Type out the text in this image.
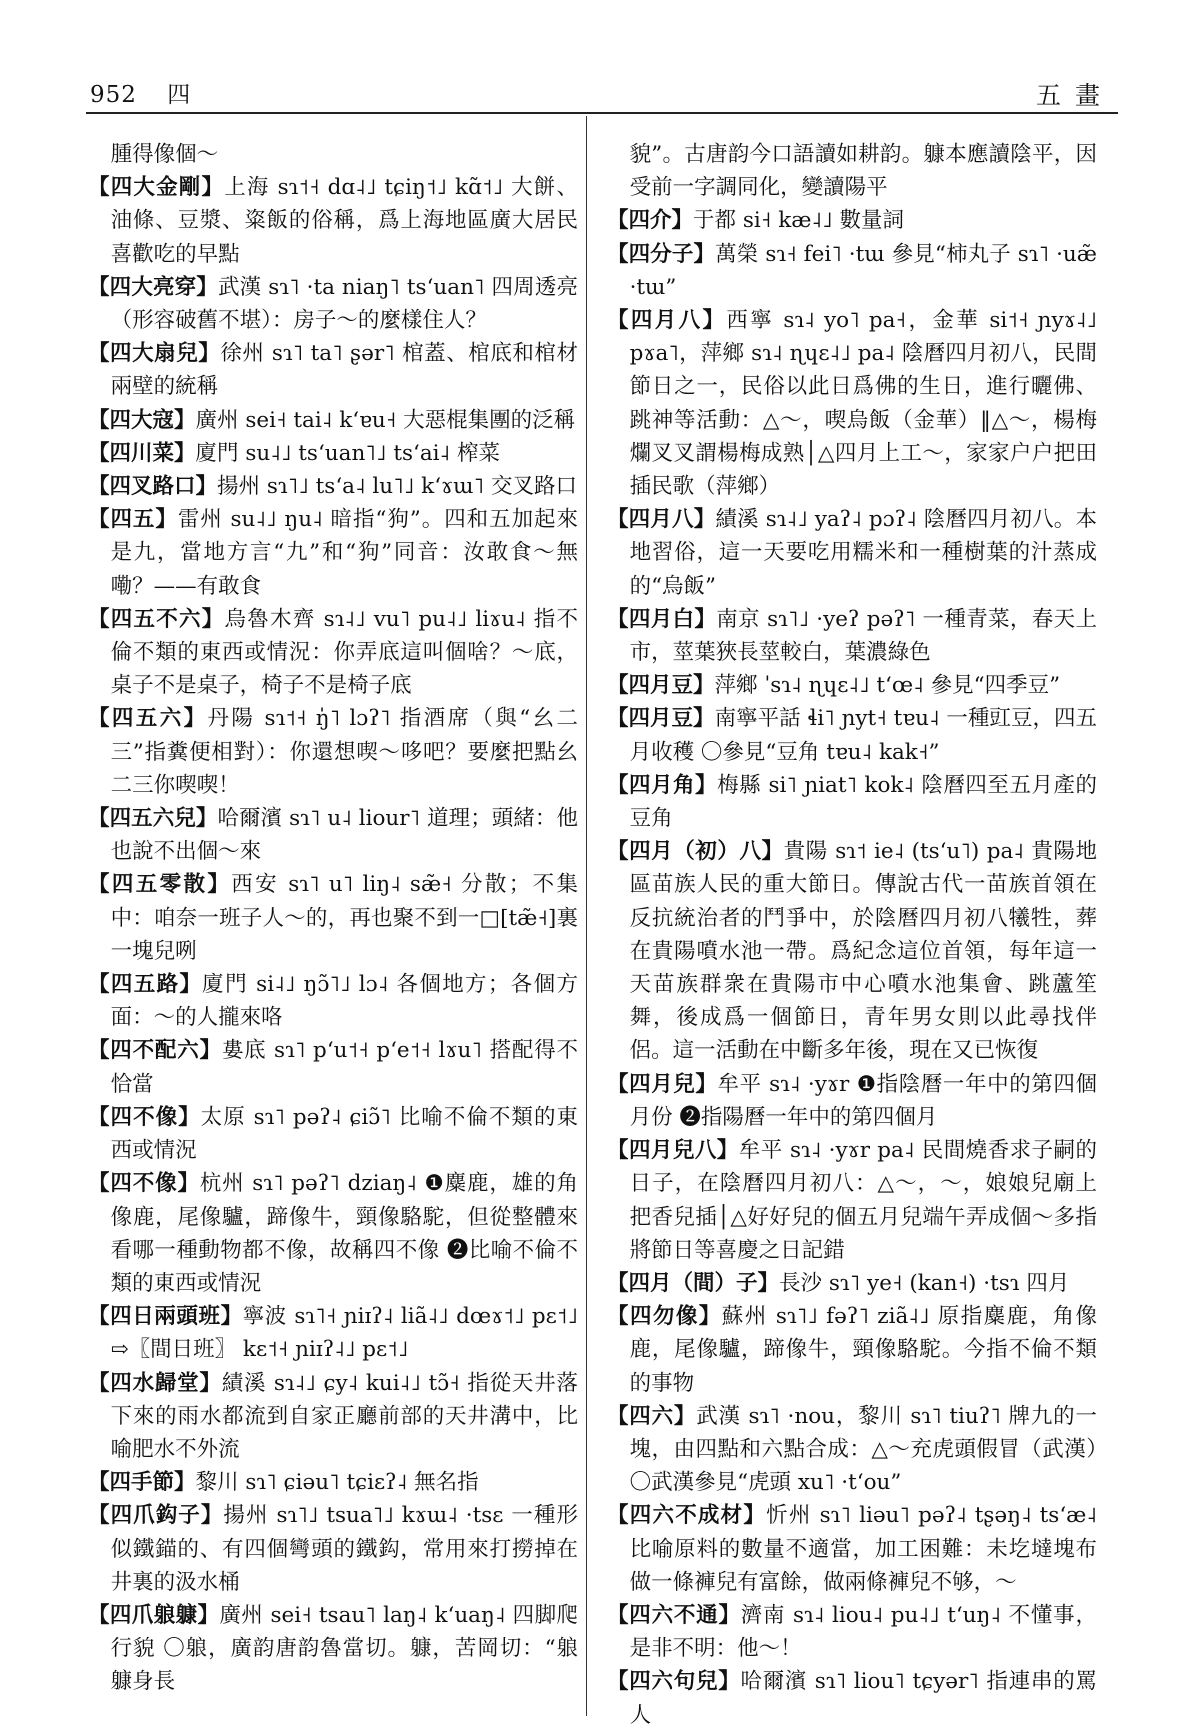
952 四	五畫

腫得像個～

【四大金剛】上海 sɿ˦˧ dɑ˨˩ tɕiŋ˦˩ kɑ̃˦˩ 大餅、油條、豆漿、粢飯的俗稱，爲上海地區廣大居民喜歡吃的早點

【四大亮穿】武漢 sɿ˥ ·ta niaŋ˥ tsʻuan˥ 四周透亮（形容破舊不堪）：房子～的麼樣住人？

【四大扇兒】徐州 sɿ˥ ta˥ ʂər˥ 棺蓋、棺底和棺材兩壁的統稱

【四大寇】廣州 sei˧ tai˨ kʻɐu˧ 大惡棍集團的泛稱

【四川菜】廈門 su˨˩ tsʻuan˥˩ tsʻai˨ 榨菜

【四叉路口】揚州 sɿ˥˩ tsʻa˨ lu˥˩ kʻɤɯ˥ 交叉路口

【四五】雷州 su˨˩ ŋu˨ 暗指“狗”。四和五加起來是九，當地方言“九”和“狗”同音：汝敢食～無嘞？——有敢食

【四五不六】烏魯木齊 sɿ˨˩ vu˥ pu˨˩ liɤu˨ 指不倫不類的東西或情況：你弄底這叫個啥？～底，桌子不是桌子，椅子不是椅子底

【四五六】丹陽 sɿ˦˧ ŋ̍˥ lɔʔ˥ 指酒席（與“幺二三”指糞便相對）：你還想喫～哆吧？要麼把點幺二三你喫喫！

【四五六兒】哈爾濱 sɿ˥ u˨ liour˥ 道理；頭緒：他也說不出個～來

【四五零散】西安 sɿ˥ u˥ liŋ˨ sæ̃˧ 分散；不集中：咱奈一班子人～的，再也聚不到一□[tæ̃˧]裏一塊兒咧

【四五路】廈門 si˨˩ ŋɔ̃˥˩ lɔ˨ 各個地方；各個方面：～的人攏來咯

【四不配六】婁底 sɿ˥ pʻu˦˧ pʻe˦˧ lɤu˥ 搭配得不恰當

【四不像】太原 sɿ˥ pəʔ˨ ɕiɔ̃˥ 比喻不倫不類的東西或情況

【四不像】杭州 sɿ˥ pəʔ˥ dziaŋ˨ ❶麋鹿，雄的角像鹿，尾像驢，蹄像牛，頸像駱駝，但從整體來看哪一種動物都不像，故稱四不像 ❷比喻不倫不類的東西或情況

【四日兩頭班】寧波 sɿ˥˧ ɲiɪʔ˨ liã˨˩ dœɤ˦˩ pɛ˦˩ ⇨〖間日班〗 kɛ˦˧ ɲiɪʔ˨˩ pɛ˦˩

【四水歸堂】績溪 sɿ˨˩ ɕy˨ kui˨˩ tɔ̃˧ 指從天井落下來的雨水都流到自家正廳前部的天井溝中，比喻肥水不外流

【四手節】黎川 sɿ˥ ɕiəu˥ tɕiɛʔ˨ 無名指

【四爪鈎子】揚州 sɿ˥˩ tsua˥˩ kɤɯ˨ ·tsɛ 一種形似鐵錨的、有四個彎頭的鐵鈎，常用來打撈掉在井裏的汲水桶

【四爪躴躿】廣州 sei˧ tsau˥ laŋ˨ kʻuaŋ˨ 四脚爬行貌 〇躴，廣韵唐韵魯當切。躿，苦岡切：“躴躿身長

貌”。古唐韵今口語讀如耕韵。躿本應讀陰平，因受前一字調同化，變讀陽平

【四介】于都 si˧ kæ˨˩ 數量詞

【四分子】萬榮 sɿ˧ fei˥ ·tɯ 參見“柿丸子 sɿ˥ ·uæ̃ ·tɯ”

【四月八】西寧 sɿ˨ yo˥ pa˧，金華 si˦˧ ɲyɤ˨˩ pɤa˥，萍鄉 sɿ˨ ɳɥɛ˨˩ pa˨ 陰曆四月初八，民間節日之一，民俗以此日爲佛的生日，進行曬佛、跳神等活動：△～，喫烏飯（金華）‖△～，楊梅爛叉叉謂楊梅成熟│△四月上工～，家家户户把田插民歌（萍鄉）

【四月八】績溪 sɿ˨˩ yaʔ˨ pɔʔ˨ 陰曆四月初八。本地習俗，這一天要吃用糯米和一種樹葉的汁蒸成的“烏飯”

【四月白】南京 sɿ˥˩ ·yeʔ pəʔ˥ 一種青菜，春天上市，莖葉狹長莖較白，葉濃綠色

【四月豆】萍鄉 ˈsɿ˨ ɳɥɛ˨˩ tʻœ˨ 參見“四季豆”

【四月豆】南寧平話 ɬi˥ ɲyt˧ tɐu˨ 一種豇豆，四五月收穫 〇參見“豆角 tɐu˨ kak˧”

【四月角】梅縣 si˥ ɲiat˥ kok˨ 陰曆四至五月產的豆角

【四月（初）八】貴陽 sɿ˦ ie˨ (tsʻu˥) pa˨ 貴陽地區苗族人民的重大節日。傳說古代一苗族首領在反抗統治者的鬥爭中，於陰曆四月初八犧牲，葬在貴陽噴水池一帶。爲紀念這位首領，每年這一天苗族群衆在貴陽市中心噴水池集會、跳蘆笙舞，後成爲一個節日，青年男女則以此尋找伴侶。這一活動在中斷多年後，現在又已恢復

【四月兒】牟平 sɿ˨ ·yɤr ❶指陰曆一年中的第四個月份 ❷指陽曆一年中的第四個月

【四月兒八】牟平 sɿ˨ ·yɤr pa˨ 民間燒香求子嗣的日子，在陰曆四月初八：△～，～，娘娘兒廟上把香兒插│△好好兒的個五月兒端午弄成個～多指將節日等喜慶之日記錯

【四月（間）子】長沙 sɿ˥ ye˧ (kan˧) ·tsɿ 四月

【四勿像】蘇州 sɿ˥˩ fəʔ˥ ziã˨˩ 原指麋鹿，角像鹿，尾像驢，蹄像牛，頸像駱駝。今指不倫不類的事物

【四六】武漢 sɿ˥ ·nou，黎川 sɿ˥ tiuʔ˥ 牌九的一塊，由四點和六點合成：△～充虎頭假冒（武漢）〇武漢參見“虎頭 xu˥ ·tʻou”

【四六不成材】忻州 sɿ˥ liəu˥ pəʔ˨ tʂəŋ˨ tsʻæ˨ 比喻原料的數量不適當，加工困難：未圪墶塊布做一條褲兒有富餘，做兩條褲兒不够，～

【四六不通】濟南 sɿ˨ liou˨ pu˨˩ tʻuŋ˨ 不懂事，是非不明：他～！

【四六句兒】哈爾濱 sɿ˥ liou˥ tɕyər˥ 指連串的罵人
